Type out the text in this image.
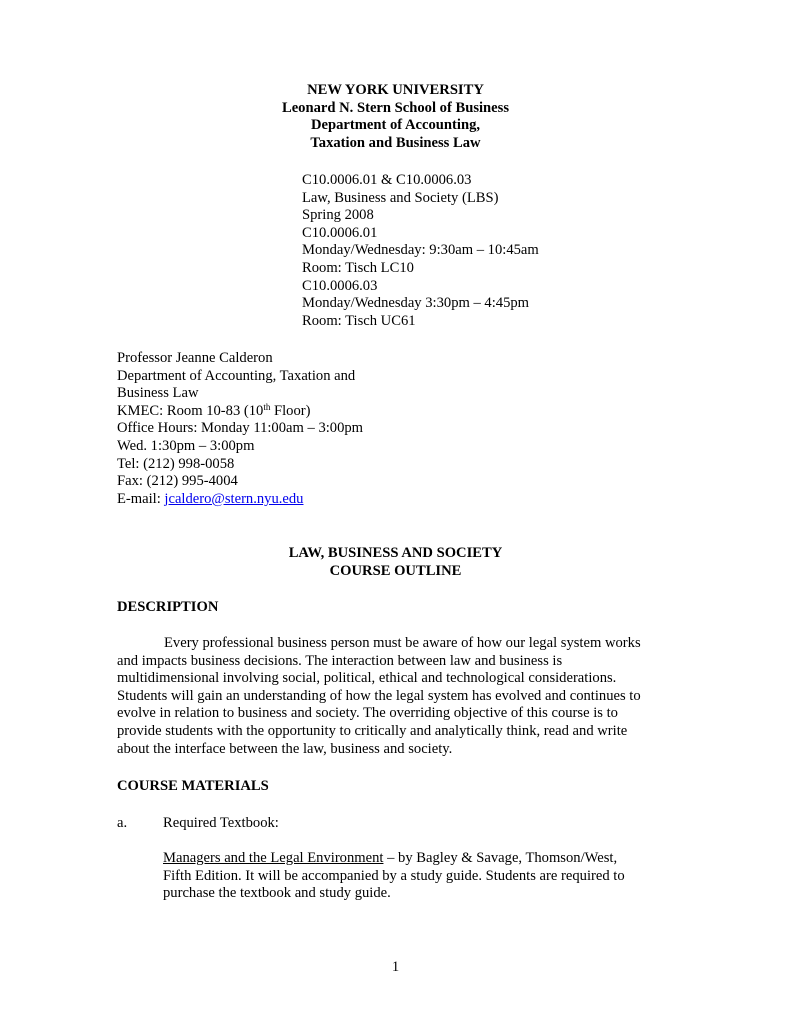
NEW YORK UNIVERSITY
Leonard N. Stern School of Business
Department of Accounting,
Taxation and Business Law
C10.0006.01 & C10.0006.03
Law, Business and Society (LBS)
Spring 2008
C10.0006.01
Monday/Wednesday: 9:30am – 10:45am
Room: Tisch LC10
C10.0006.03
Monday/Wednesday 3:30pm – 4:45pm
Room: Tisch UC61
Professor Jeanne Calderon
Department of Accounting, Taxation and
Business Law
KMEC: Room 10-83 (10th Floor)
Office Hours: Monday 11:00am – 3:00pm
Wed. 1:30pm – 3:00pm
Tel: (212) 998-0058
Fax: (212) 995-4004
E-mail: jcaldero@stern.nyu.edu
LAW, BUSINESS AND SOCIETY
COURSE OUTLINE
DESCRIPTION
Every professional business person must be aware of how our legal system works
and impacts business decisions. The interaction between law and business is
multidimensional involving social, political, ethical and technological considerations.
Students will gain an understanding of how the legal system has evolved and continues to
evolve in relation to business and society. The overriding objective of this course is to
provide students with the opportunity to critically and analytically think, read and write
about the interface between the law, business and society.
COURSE MATERIALS
a. Required Textbook:
Managers and the Legal Environment – by Bagley & Savage, Thomson/West,
Fifth Edition. It will be accompanied by a study guide. Students are required to
purchase the textbook and study guide.
1
